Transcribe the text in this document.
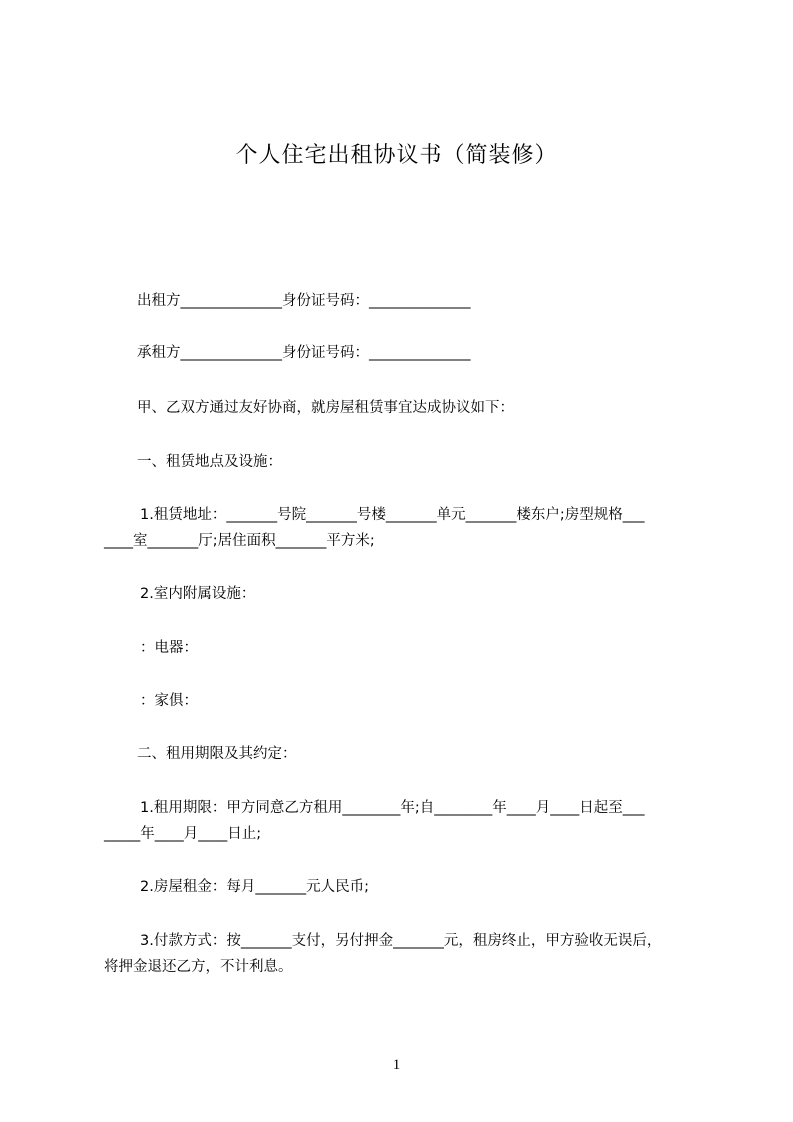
个人住宅出租协议书（简装修）
出租方______________身份证号码：______________
承租方______________身份证号码：______________
甲、乙双方通过友好协商，就房屋租赁事宜达成协议如下：
一、租赁地点及设施：
1.租赁地址：_______号院_______号楼_______单元_______楼东户;房型规格___
____室_______厅;居住面积_______平方米;
2.室内附属设施：
：电器：
：家俱：
二、租用期限及其约定：
1.租用期限：甲方同意乙方租用________年;自________年____月____日起至___
_____年____月____日止;
2.房屋租金：每月_______元人民币;
3.付款方式：按_______支付，另付押金_______元，租房终止，甲方验收无误后，
将押金退还乙方，不计利息。
1
